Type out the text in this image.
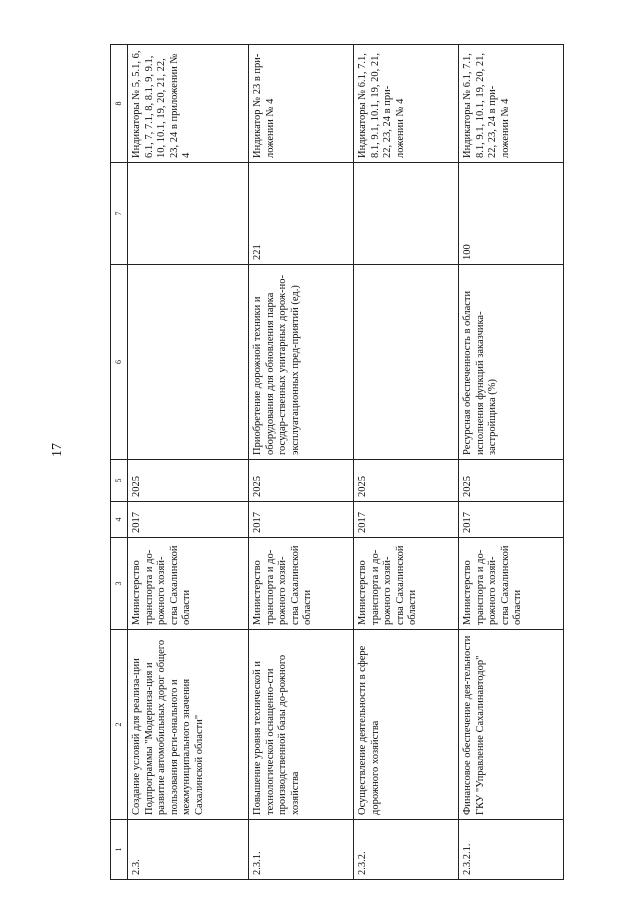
17
1	2	3	4	5	6	7	8
2.3.	Создание условий для реализа-ции Подпрограммы "Модерниза-ция и развитие автомобильных дорог общего пользования реги-онального и межмуниципального значения Сахалинской области"	Министерство транспорта и до-рожного хозяй-ства Сахалинской области	2017	2025			Индикаторы № 5, 5.1, 6, 6.1, 7, 7.1, 8, 8.1, 9, 9.1, 10, 10.1, 19, 20, 21, 22, 23, 24 в приложении № 4
2.3.1.	Повышение уровня технической и технологической оснащенно-сти производственной базы до-рожного хозяйства	Министерство транспорта и до-рожного хозяй-ства Сахалинской области	2017	2025	Приобретение дорожной техники и оборудования для обновления парка государ-ственных унитарных дорож-но-эксплуатационных пред-приятий (ед.)	221	Индикатор № 23 в при-ложении № 4
2.3.2.	Осуществление деятельности в сфере дорожного хозяйства	Министерство транспорта и до-рожного хозяй-ства Сахалинской области	2017	2025			Индикаторы № 6.1, 7.1, 8.1, 9.1, 10.1, 19, 20, 21, 22, 23, 24 в при-ложении № 4
2.3.2.1.	Финансовое обеспечение дея-тельности ГКУ "Управление Сахалинавтодор"	Министерство транспорта и до-рожного хозяй-ства Сахалинской области	2017	2025	Ресурсная обеспеченность в области исполнения функций заказчика-застройщика (%)	100	Индикаторы № 6.1, 7.1, 8.1, 9.1, 10.1, 19, 20, 21, 22, 23, 24 в при-ложении № 4
